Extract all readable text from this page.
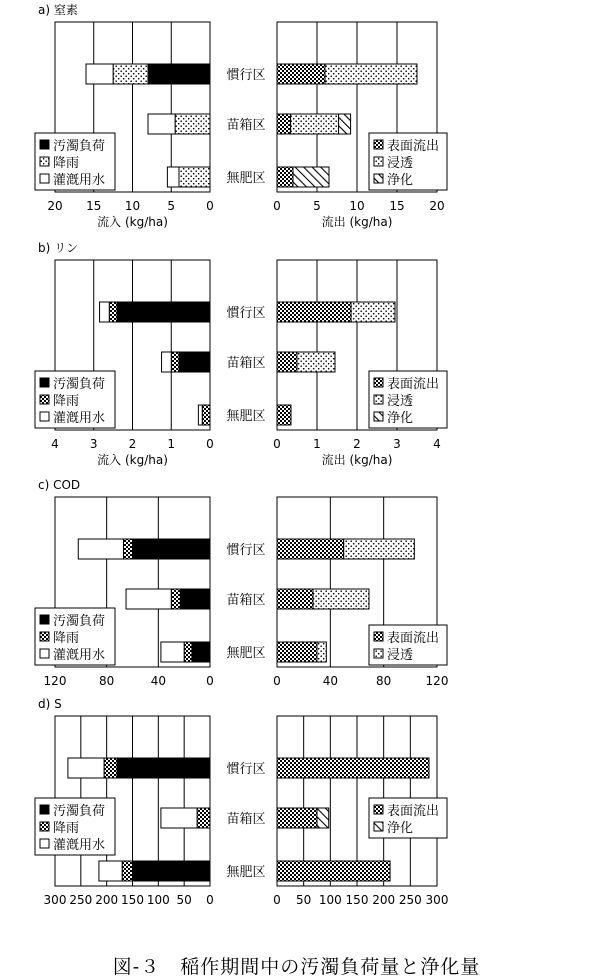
a) 窒素
慣行区
苗箱区
無肥区
20 15 10 5	0
流入 (kg/ha)
汚濁負荷
降雨
灌漑用水
0	5 10 15 20
流出 (kg/ha)
表面流出
浸透
浄化
b) リン
慣行区
苗箱区
無肥区
4	3	2	1	0
流入 (kg/ha)
汚濁負荷
降雨
灌漑用水
0	1	2	3	4
流出 (kg/ha)
表面流出
浸透
浄化
c) COD
慣行区
苗箱区
無肥区
120	80	40	0
汚濁負荷
降雨
灌漑用水
0	40	80	120
表面流出
浸透
d) S
慣行区
苗箱区
無肥区
300 250 200 150 100 50 0
汚濁負荷
降雨
灌漑用水
0 50 100 150 200 250 300
表面流出
浄化
図-３　稲作期間中の汚濁負荷量と浄化量
